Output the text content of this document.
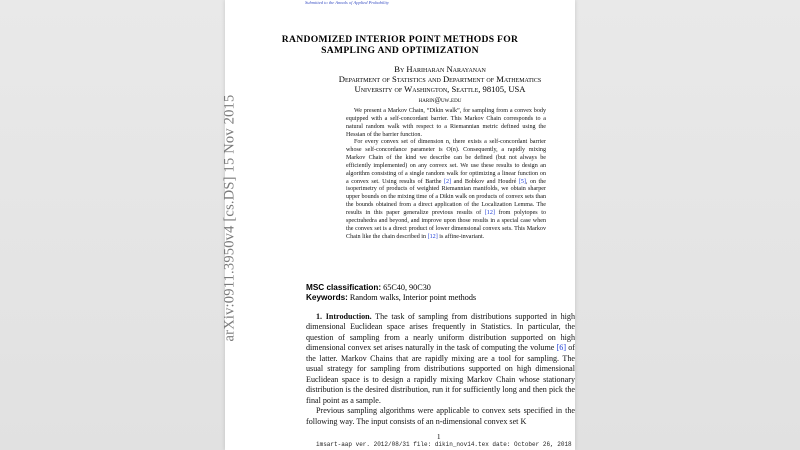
arXiv:0911.3950v4 [cs.DS] 15 Nov 2015

Submitted to the Annals of Applied Probability

RANDOMIZED INTERIOR POINT METHODS FOR

SAMPLING AND OPTIMIZATION

By Hariharan Narayanan

Department of Statistics and Department of Mathematics

University of Washington, Seattle, 98105, USA

harin@uw.edu

We present a Markov Chain, “Dikin walk”, for sampling from a convex body equipped with a self-concordant barrier. This Markov Chain corresponds to a natural random walk with respect to a Riemannian metric defined using the Hessian of the barrier function.

For every convex set of dimension n, there exists a self-concordant barrier whose self-concordance parameter is O(n). Consequently, a rapidly mixing Markov Chain of the kind we describe can be defined (but not always be efficiently implemented) on any convex set. We use these results to design an algorithm consisting of a single random walk for optimizing a linear function on a convex set. Using results of Barthe [2] and Bobkov and Houdré [5], on the isoperimetry of products of weighted Riemannian manifolds, we obtain sharper upper bounds on the mixing time of a Dikin walk on products of convex sets than the bounds obtained from a direct application of the Localization Lemma. The results in this paper generalize previous results of [12] from polytopes to spectrahedra and beyond, and improve upon those results in a special case when the convex set is a direct product of lower dimensional convex sets. This Markov Chain like the chain described in [12] is affine-invariant.

MSC classification: 65C40, 90C30

Keywords: Random walks, Interior point methods

1. Introduction. The task of sampling from distributions supported in high dimensional Euclidean space arises frequently in Statistics. In particular, the question of sampling from a nearly uniform distribution supported on high dimensional convex set arises naturally in the task of computing the volume [6] of the latter. Markov Chains that are rapidly mixing are a tool for sampling. The usual strategy for sampling from distributions supported on high dimensional Euclidean space is to design a rapidly mixing Markov Chain whose stationary distribution is the desired distribution, run it for sufficiently long and then pick the final point as a sample.

Previous sampling algorithms were applicable to convex sets specified in the following way. The input consists of an n-dimensional convex set K

1

imsart-aap ver. 2012/08/31 file: dikin_nov14.tex date: October 26, 2018
